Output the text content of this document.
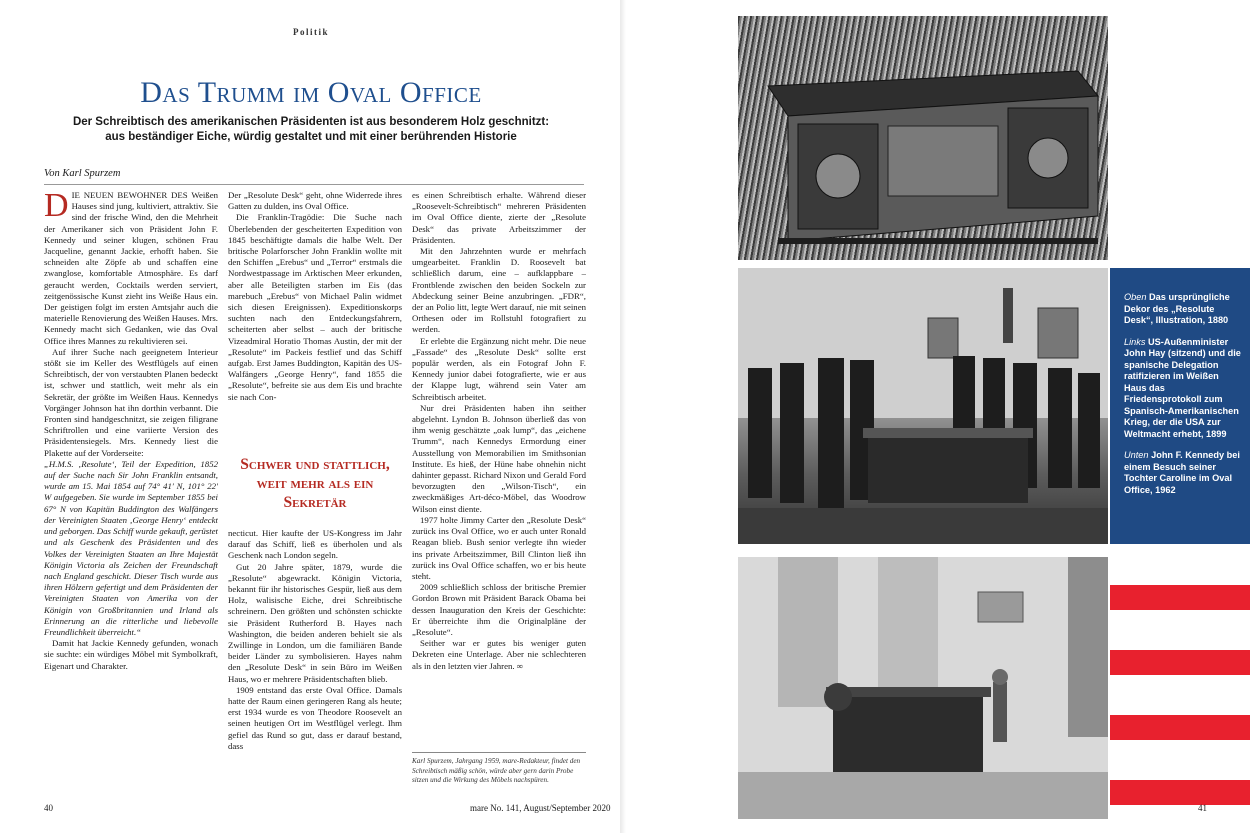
Politik
Das Trumm im Oval Office
Der Schreibtisch des amerikanischen Präsidenten ist aus besonderem Holz geschnitzt:
aus beständiger Eiche, würdig gestaltet und mit einer berührenden Historie
Von Karl Spurzem

DIE NEUEN BEWOHNER DES Weißen Hauses sind jung, kultiviert, attraktiv. Sie sind der frische Wind, den die Mehrheit der Amerikaner sich von Präsident John F. Kennedy und seiner klugen, schönen Frau Jacqueline, genannt Jackie, erhofft haben. Sie schneiden alte Zöpfe ab und schaffen eine zwanglose, komfortable Atmosphäre. Es darf geraucht werden, Cocktails werden serviert, zeitgenössische Kunst zieht ins Weiße Haus ein. Der geistigen folgt im ersten Amtsjahr auch die materielle Renovierung des Weißen Hauses. Mrs. Kennedy macht sich Gedanken, wie das Oval Office ihres Mannes zu rekultivieren sei.

Auf ihrer Suche nach geeignetem Interieur stößt sie im Keller des Westflügels auf einen Schreibtisch, der von verstaubten Planen bedeckt ist, schwer und stattlich, weit mehr als ein Sekretär, der größte im Weißen Haus. Kennedys Vorgänger Johnson hat ihn dorthin verbannt. Die Fronten sind handgeschnitzt, sie zeigen filigrane Schriftrollen und eine variierte Version des Präsidentensiegels. Mrs. Kennedy liest die Plakette auf der Vorderseite:

„H.M.S. ‚Resolute‘, Teil der Expedition, 1852 auf der Suche nach Sir John Franklin entsandt, wurde am 15. Mai 1854 auf 74° 41′ N, 101° 22′ W aufgegeben. Sie wurde im September 1855 bei 67° N von Kapitän Buddington des Walfängers der Vereinigten Staaten ‚George Henry‘ entdeckt und geborgen. Das Schiff wurde gekauft, gerüstet und als Geschenk des Präsidenten und des Volkes der Vereinigten Staaten an Ihre Majestät Königin Victoria als Zeichen der Freundschaft nach England geschickt. Dieser Tisch wurde aus ihren Hölzern gefertigt und dem Präsidenten der Vereinigten Staaten von Amerika von der Königin von Großbritannien und Irland als Erinnerung an die ritterliche und liebevolle Freundlichkeit überreicht.“

Damit hat Jackie Kennedy gefunden, wonach sie suchte: ein würdiges Möbel mit Symbolkraft, Eigenart und Charakter.

Der „Resolute Desk“ geht, ohne Widerrede ihres Gatten zu dulden, ins Oval Office.

Die Franklin-Tragödie: Die Suche nach Überlebenden der gescheiterten Expedition von 1845 beschäftigte damals die halbe Welt. Der britische Polarforscher John Franklin wollte mit den Schiffen „Erebus“ und „Terror“ erstmals die Nordwestpassage im Arktischen Meer erkunden, aber alle Beteiligten starben im Eis (das marebuch „Erebus“ von Michael Palin widmet sich diesen Ereignissen). Expeditionskorps suchten nach den Entdeckungsfahrern, scheiterten aber selbst – auch der britische Vizeadmiral Horatio Thomas Austin, der mit der „Resolute“ im Packeis festlief und das Schiff aufgab. Erst James Buddington, Kapitän des US-Walfängers „George Henry“, fand 1855 die „Resolute“, befreite sie aus dem Eis und brachte sie nach Con-

Schwer und stattlich, weit mehr als ein Sekretär

necticut. Hier kaufte der US-Kongress im Jahr darauf das Schiff, ließ es überholen und als Geschenk nach London segeln.

Gut 20 Jahre später, 1879, wurde die „Resolute“ abgewrackt. Königin Victoria, bekannt für ihr historisches Gespür, ließ aus dem Holz, walisische Eiche, drei Schreibtische schreinern. Den größten und schönsten schickte sie Präsident Rutherford B. Hayes nach Washington, die beiden anderen behielt sie als Zwillinge in London, um die familiären Bande beider Länder zu symbolisieren. Hayes nahm den „Resolute Desk“ in sein Büro im Weißen Haus, wo er mehrere Präsidentschaften blieb.

1909 entstand das erste Oval Office. Damals hatte der Raum einen geringeren Rang als heute; erst 1934 wurde es von Theodore Roosevelt an seinen heutigen Ort im Westflügel verlegt. Ihm gefiel das Rund so gut, dass er darauf bestand, dass

es einen Schreibtisch erhalte. Während dieser „Roosevelt-Schreibtisch“ mehreren Präsidenten im Oval Office diente, zierte der „Resolute Desk“ das private Arbeitszimmer der Präsidenten.

Mit den Jahrzehnten wurde er mehrfach umgearbeitet. Franklin D. Roosevelt bat schließlich darum, eine – aufklappbare – Frontblende zwischen den beiden Sockeln zur Abdeckung seiner Beine anzubringen. „FDR“, der an Polio litt, legte Wert darauf, nie mit seinen Orthesen oder im Rollstuhl fotografiert zu werden.

Er erlebte die Ergänzung nicht mehr. Die neue „Fassade“ des „Resolute Desk“ sollte erst populär werden, als ein Fotograf John F. Kennedy junior dabei fotografierte, wie er aus der Klappe lugt, während sein Vater am Schreibtisch arbeitet.

Nur drei Präsidenten haben ihn seither abgelehnt. Lyndon B. Johnson überließ das von ihm wenig geschätzte „oak lump“, das „eichene Trumm“, nach Kennedys Ermordung einer Ausstellung von Memorabilien im Smithsonian Institute. Es hieß, der Hüne habe ohnehin nicht dahinter gepasst. Richard Nixon und Gerald Ford bevorzugten den „Wilson-Tisch“, ein zweckmäßiges Art-déco-Möbel, das Woodrow Wilson einst diente.

1977 holte Jimmy Carter den „Resolute Desk“ zurück ins Oval Office, wo er auch unter Ronald Reagan blieb. Bush senior verlegte ihn wieder ins private Arbeitszimmer, Bill Clinton ließ ihn zurück ins Oval Office schaffen, wo er bis heute steht.

2009 schließlich schloss der britische Premier Gordon Brown mit Präsident Barack Obama bei dessen Inauguration den Kreis der Geschichte: Er überreichte ihm die Originalpläne der „Resolute“.

Seither war er gutes bis weniger guten Dekreten eine Unterlage. Aber nie schlechteren als in den letzten vier Jahren. ∞

Karl Spurzem, Jahrgang 1959, mare-Redakteur, findet den Schreibtisch mäßig schön, würde aber gern darin Probe sitzen und die Wirkung des Möbels nachspüren.
40	mare No. 141, August/September 2020

Oben Das ursprüngliche Dekor des „Resolute Desk“, Illustration, 1880

Links US-Außenminister John Hay (sitzend) und die spanische Delegation ratifizieren im Weißen Haus das Friedensprotokoll zum Spanisch-Amerikanischen Krieg, der die USA zur Weltmacht erhebt, 1899

Unten John F. Kennedy bei einem Besuch seiner Tochter Caroline im Oval Office, 1962

41
